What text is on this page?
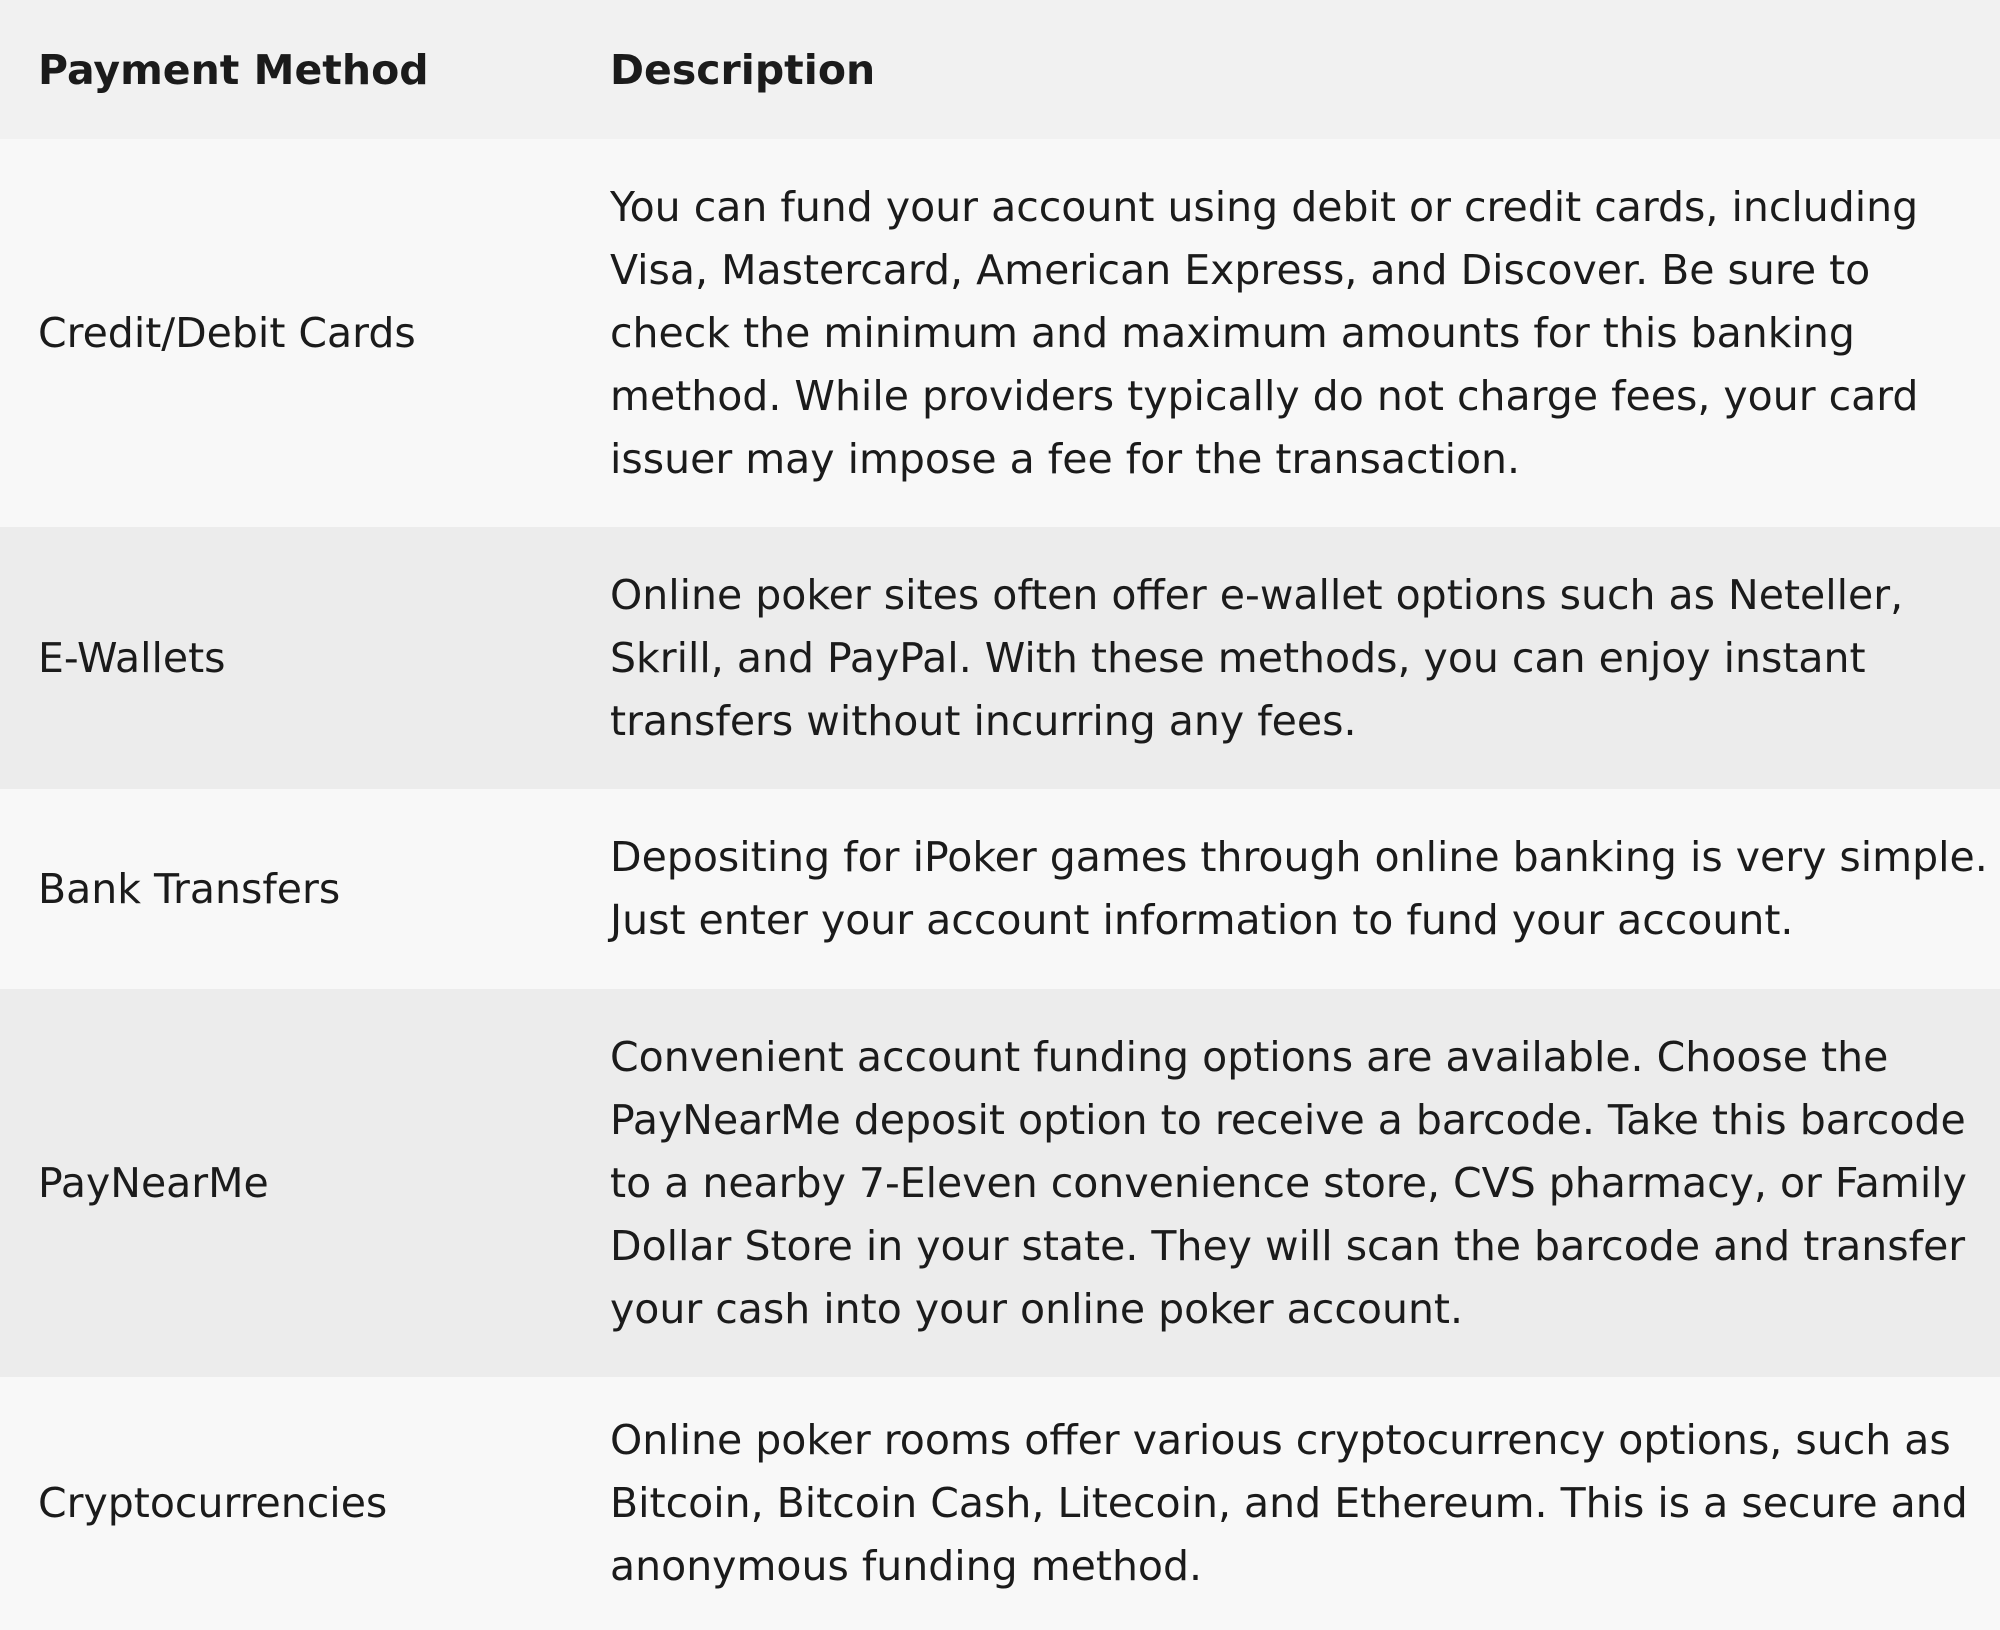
Payment Method	Description
Credit/Debit Cards	You can fund your account using debit or credit cards, including Visa, Mastercard, American Express, and Discover. Be sure to check the minimum and maximum amounts for this banking method. While providers typically do not charge fees, your card issuer may impose a fee for the transaction.
E-Wallets	Online poker sites often offer e-wallet options such as Neteller, Skrill, and PayPal. With these methods, you can enjoy instant transfers without incurring any fees.
Bank Transfers	Depositing for iPoker games through online banking is very simple. Just enter your account information to fund your account.
PayNearMe	Convenient account funding options are available. Choose the PayNearMe deposit option to receive a barcode. Take this barcode to a nearby 7-Eleven convenience store, CVS pharmacy, or Family Dollar Store in your state. They will scan the barcode and transfer your cash into your online poker account.
Cryptocurrencies	Online poker rooms offer various cryptocurrency options, such as Bitcoin, Bitcoin Cash, Litecoin, and Ethereum. This is a secure and anonymous funding method.
